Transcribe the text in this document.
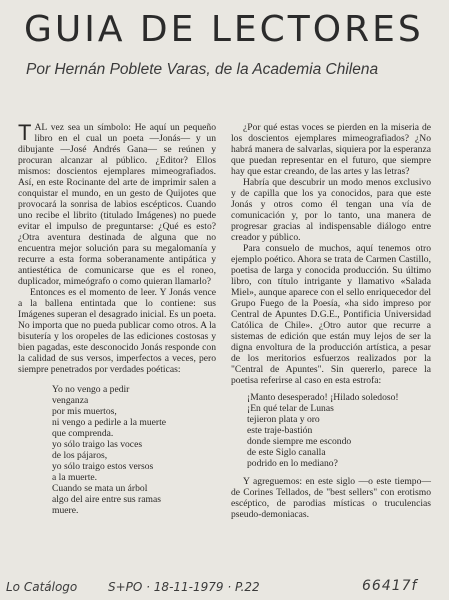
GUIA DE LECTORES
Por Hernán Poblete Varas, de la Academia Chilena

TAL vez sea un símbolo: He aquí un pequeño libro en el cual un poeta —Jonás— y un dibujante —José Andrés Gana— se reúnen y procuran alcanzar al público. ¿Editor? Ellos mismos: doscientos ejemplares mimeografiados. Así, en este Rocinante del arte de imprimir salen a conquistar el mundo, en un gesto de Quijotes que provocará la sonrisa de labios escépticos. Cuando uno recibe el librito (titulado Imágenes) no puede evitar el impulso de preguntarse: ¿Qué es esto? ¿Otra aventura destinada de alguna que no encuentra mejor solución para su megalomanía y recurre a esta forma soberanamente antipática y antiestética de comunicarse que es el roneo, duplicador, mimeógrafo o como quieran llamarlo?

Entonces es el momento de leer. Y Jonás vence a la ballena entintada que lo contiene: sus Imágenes superan el desagrado inicial. Es un poeta. No importa que no pueda publicar como otros. A la bisutería y los oropeles de las ediciones costosas y bien pagadas, este desconocido Jonás responde con la calidad de sus versos, imperfectos a veces, pero siempre penetrados por verdades poéticas:

Yo no vengo a pedir
venganza
por mis muertos,
ni vengo a pedirle a la muerte
que comprenda.
yo sólo traigo las voces
de los pájaros,
yo sólo traigo estos versos
a la muerte.
Cuando se mata un árbol
algo del aire entre sus ramas
muere.

¿Por qué estas voces se pierden en la miseria de los doscientos ejemplares mimeografiados? ¿No habrá manera de salvarlas, siquiera por la esperanza que puedan representar en el futuro, que siempre hay que estar creando, de las artes y las letras?

Habría que descubrir un modo menos exclusivo y de capilla que los ya conocidos, para que este Jonás y otros como él tengan una vía de comunicación y, por lo tanto, una manera de progresar gracias al indispensable diálogo entre creador y público.

Para consuelo de muchos, aquí tenemos otro ejemplo poético. Ahora se trata de Carmen Castillo, poetisa de larga y conocida producción. Su último libro, con título intrigante y llamativo «Salada Miel», aunque aparece con el sello enriquecedor del Grupo Fuego de la Poesía, «ha sido impreso por Central de Apuntes D.G.E., Pontificia Universidad Católica de Chile». ¿Otro autor que recurre a sistemas de edición que están muy lejos de ser la digna envoltura de la producción artística, a pesar de los meritorios esfuerzos realizados por la "Central de Apuntes". Sin quererlo, parece la poetisa referirse al caso en esta estrofa:

¡Manto desesperado! ¡Hilado soledoso!
¡En qué telar de Lunas
tejieron plata y oro
este traje-bastión
donde siempre me escondo
de este Siglo canalla
podrido en lo mediano?

Y agreguemos: en este siglo —o este tiempo— de Corines Tellados, de "best sellers" con erotismo escéptico, de parodias místicas o truculencias pseudo-demoniacas.

Lo Catálogo	S+PO · 18-11-1979 · P.22	66417f
